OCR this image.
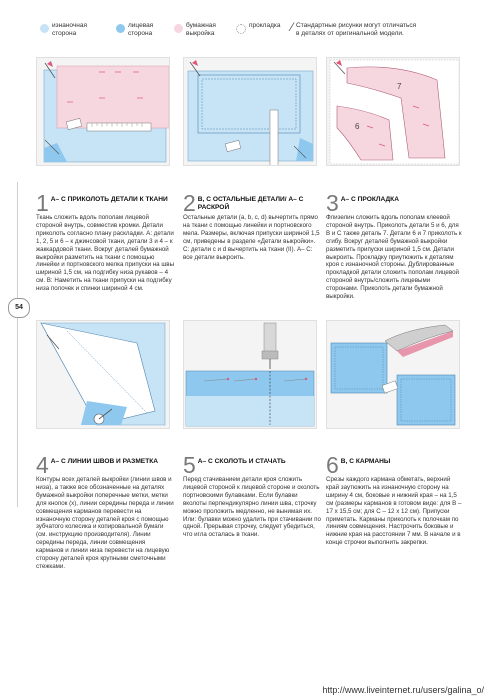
изнаночная
сторона
лицевая
сторона
бумажная
выкройка
прокладка ⁄ Стандартные рисунки могут отличаться
в деталях от оригинальной модели.
54
7
6
1 А– С ПРИКОЛОТЬ ДЕТАЛИ К ТКАНИ
Ткань сложить вдоль пополам лицевой стороной внутрь, совместив кромки. Детали приколоть согласно плану раскладки. А: детали 1, 2, 5 и 6 – к джинсовой ткани, детали 3 и 4 – к жаккардовой ткани. Вокруг деталей бумажной выкройки разметить на ткани с помощью линейки и портновского мелка припуски на швы шириной 1,5 см, на подгибку низа рукавов – 4 см. В: Наметить на ткани припуски на подгибку низа полочек и спинки шириной 4 см.
2 В, С ОСТАЛЬНЫЕ ДЕТАЛИ/ А– С РАСКРОЙ
Остальные детали (a, b, c, d) вычертить прямо на ткани с помощью линейки и портновского мела. Размеры, включая припуски шириной 1,5 см, приведены в разделе «Детали выкройки». С: детали c и d вычертить на ткани (II). А– С: все детали выкроить.
3 А– С ПРОКЛАДКА
Флизелин сложить вдоль пополам клеевой стороной внутрь. Приколоть детали 5 и 6, для В и С также деталь 7. Детали 6 и 7 приколоть к сгибу. Вокруг деталей бумажной выкройки разметить припуски шириной 1,5 см. Детали выкроить. Прокладку приутюжить к деталям кроя с изнаночной стороны. Дублированные прокладкой детали сложить пополам лицевой стороной внутрь/сложить лицевыми сторонами. Приколоть детали бумажной выкройки.
4 А– С ЛИНИИ ШВОВ И РАЗМЕТКА
Контуры всех деталей выкройки (линии швов и низа), а также все обозначенные на деталях бумажной выкройки поперечные метки, метки для кнопок (х), линии середины переда и линии совмещения карманов перевести на изнаночную сторону деталей кроя с помощью зубчатого колесика и копировальной бумаги (см. инструкцию производителя). Линии середины переда, линии совмещения карманов и линии низа перевести на лицевую сторону деталей кроя крупными сметочными стежками.
5 А– С СКОЛОТЬ И СТАЧАТЬ
Перед стачиванием детали кроя сложить лицевой стороной к лицевой стороне и сколоть портновскими булавками. Если булавки вколоты перпендикулярно линии шва, строчку можно проложить медленно, не вынимая их. Или: булавки можно удалить при стачивании по одной. Прерывая строчку, следует убедиться, что игла осталась в ткани.
6 В, С КАРМАНЫ
Срезы каждого кармана обметать, верхний край заутюжить на изнаночную сторону на ширину 4 см, боковые и нижний края – на 1,5 см (размеры карманов в готовом виде: для В – 17 x 15,5 см; для С – 12 x 12 см). Припуски приметать. Карманы приколоть к полочкам по линиям совмещения. Настрочить боковые и нижние края на расстоянии 7 мм. В начале и в конце строчки выполнить закрепки.
http://www.liveinternet.ru/users/galina_o/
